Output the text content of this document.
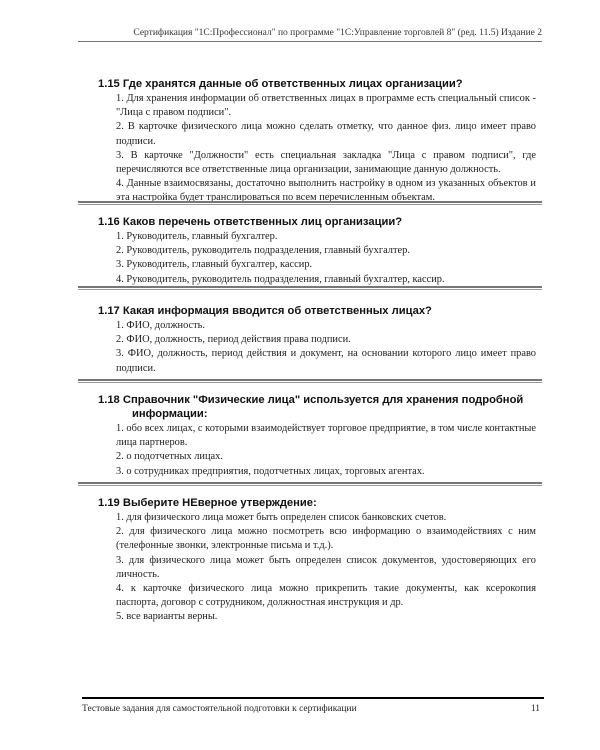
Сертификация "1С:Профессионал" по программе "1С:Управление торговлей 8" (ред. 11.5) Издание 2
1.15 Где хранятся данные об ответственных лицах организации?
1. Для хранения информации об ответственных лицах в программе есть специальный список - "Лица с правом подписи".
2. В карточке физического лица можно сделать отметку, что данное физ. лицо имеет право подписи.
3. В карточке "Должности" есть специальная закладка "Лица с правом подписи", где перечисляются все ответственные лица организации, занимающие данную должность.
4. Данные взаимосвязаны, достаточно выполнить настройку в одном из указанных объектов и эта настройка будет транслироваться по всем перечисленным объектам.
1.16 Каков перечень ответственных лиц организации?
1. Руководитель, главный бухгалтер.
2. Руководитель, руководитель подразделения, главный бухгалтер.
3. Руководитель, главный бухгалтер, кассир.
4. Руководитель, руководитель подразделения, главный бухгалтер, кассир.
1.17 Какая информация вводится об ответственных лицах?
1. ФИО, должность.
2. ФИО, должность, период действия права подписи.
3. ФИО, должность, период действия и документ, на основании которого лицо имеет право подписи.
1.18 Справочник "Физические лица" используется для хранения подробной
информации:
1. обо всех лицах, с которыми взаимодействует торговое предприятие, в том числе контактные лица партнеров.
2. о подотчетных лицах.
3. о сотрудниках предприятия, подотчетных лицах, торговых агентах.
1.19 Выберите НЕверное утверждение:
1. для физического лица может быть определен список банковских счетов.
2. для физического лица можно посмотреть всю информацию о взаимодействиях с ним (телефонные звонки, электронные письма и т.д.).
3. для физического лица может быть определен список документов, удостоверяющих его личность.
4. к карточке физического лица можно прикрепить такие документы, как ксерокопия паспорта, договор с сотрудником, должностная инструкция и др.
5. все варианты верны.
Тестовые задания для самостоятельной подготовки к сертификации	11
